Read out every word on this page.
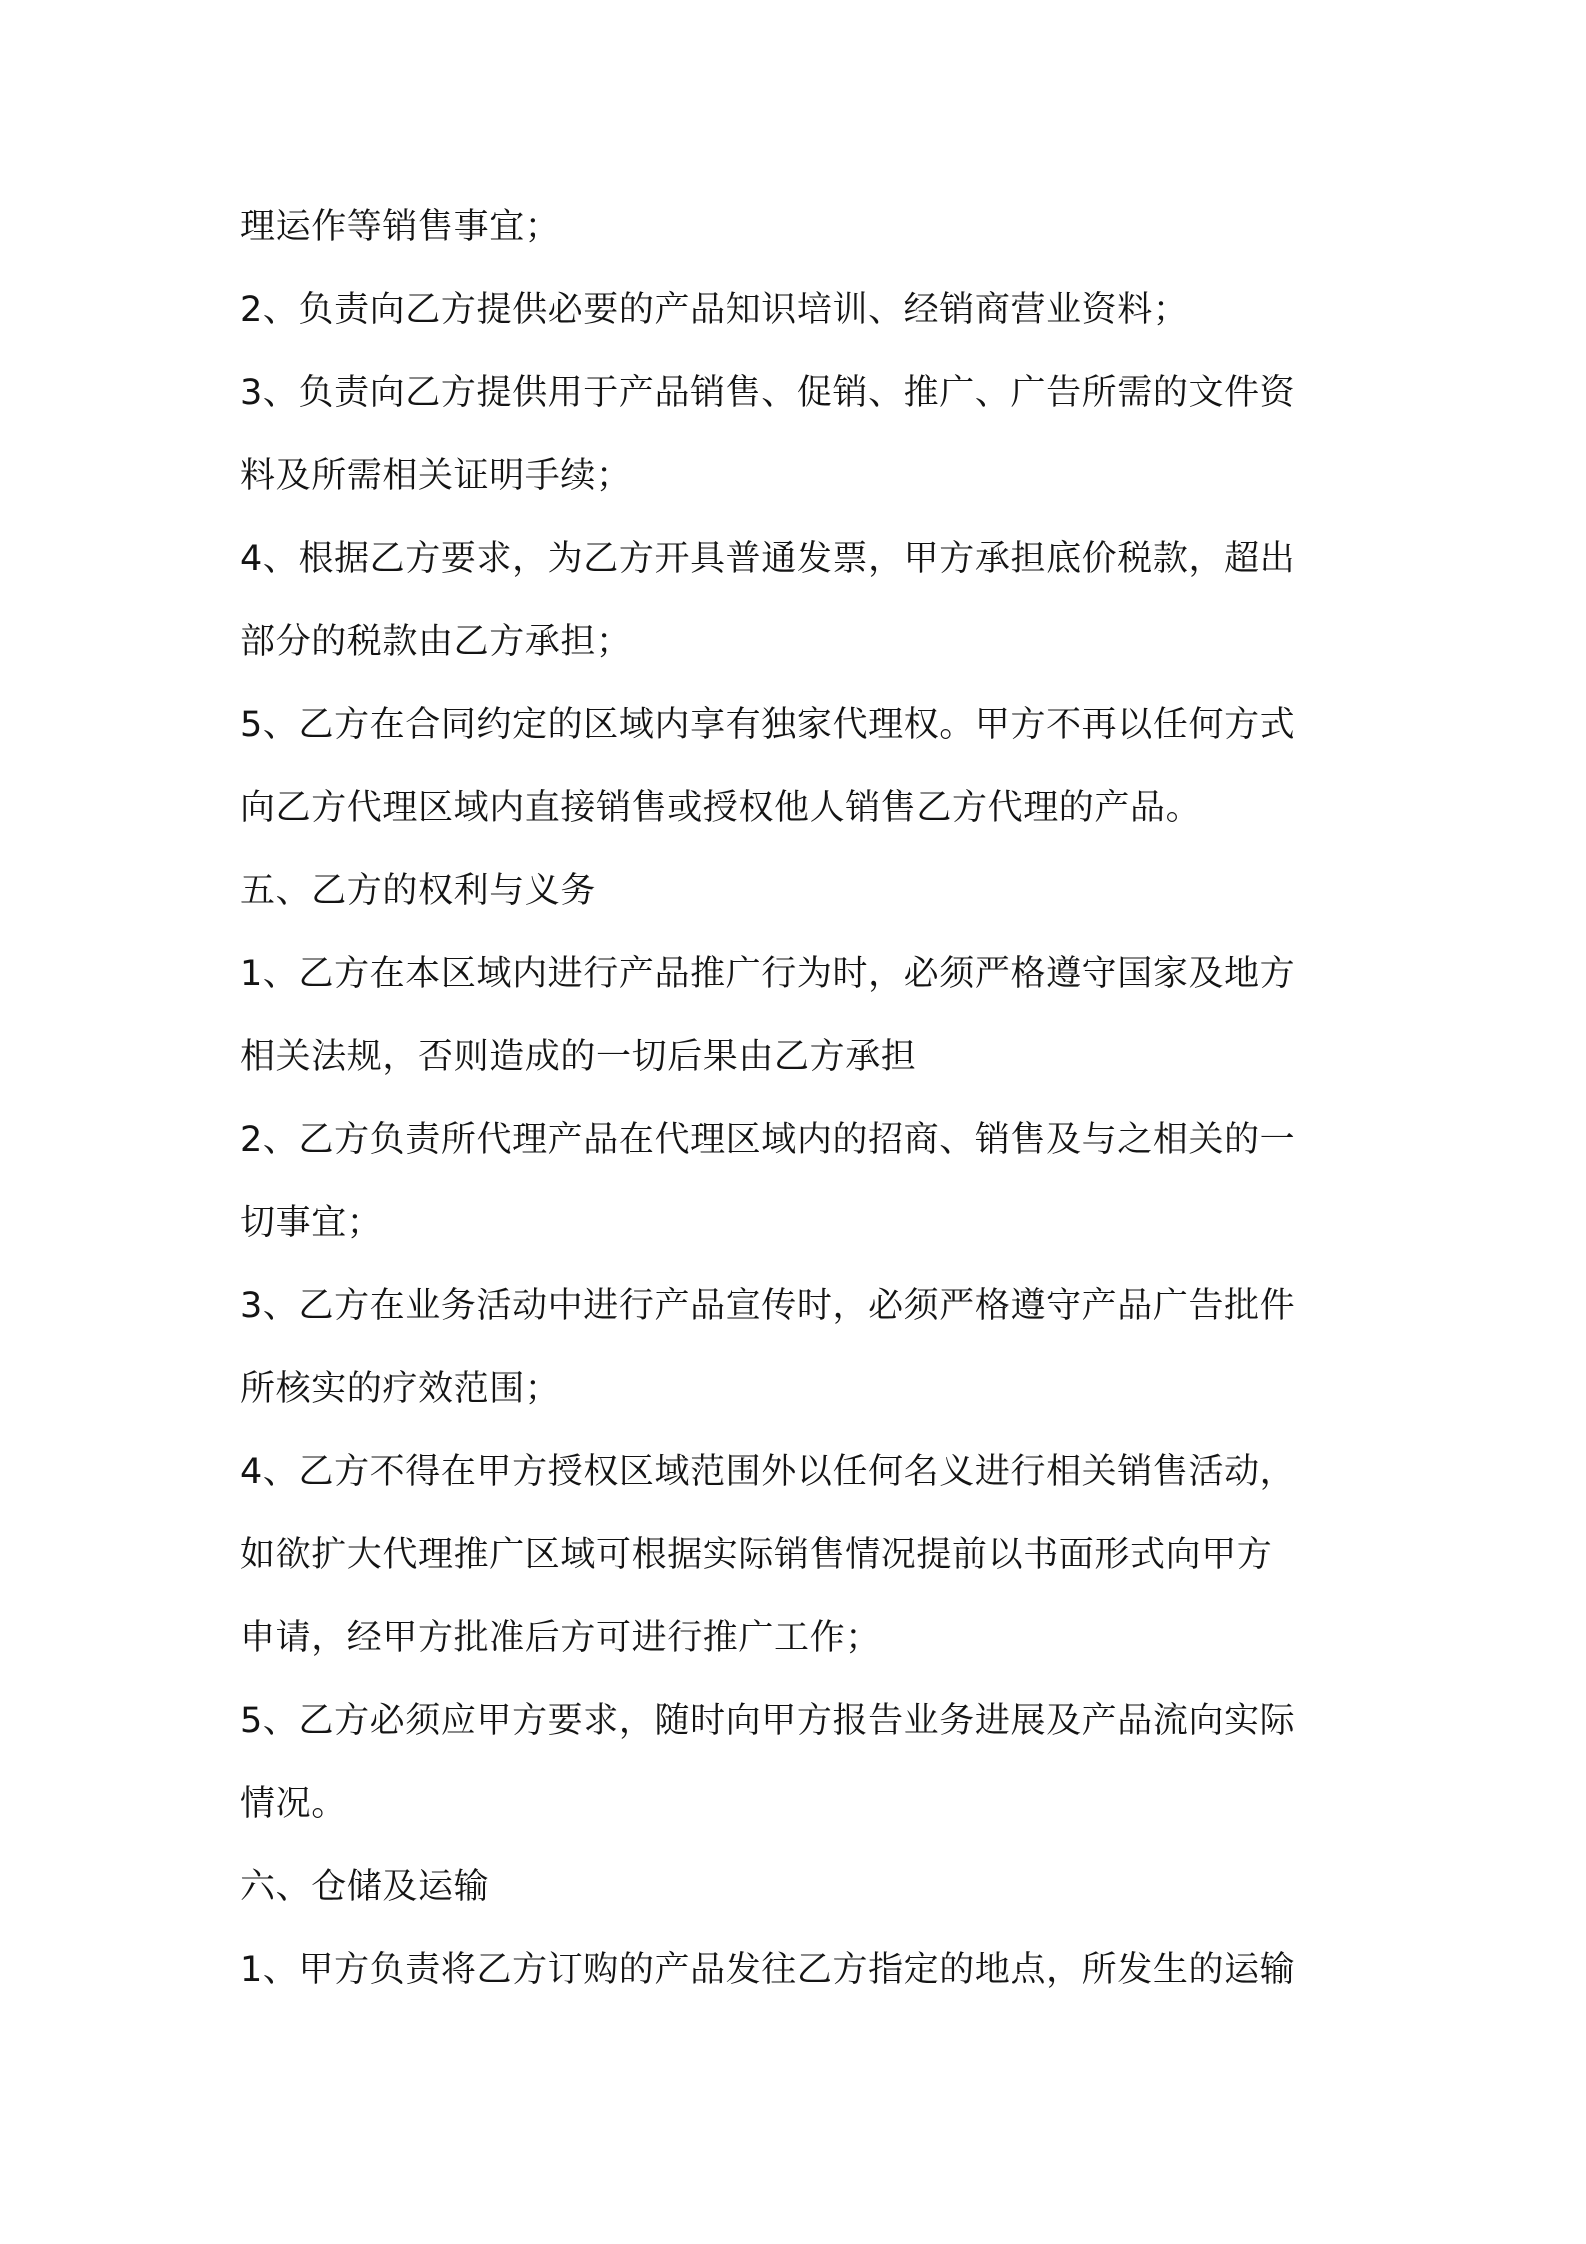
理运作等销售事宜；
2、负责向乙方提供必要的产品知识培训、经销商营业资料；
3、负责向乙方提供用于产品销售、促销、推广、广告所需的文件资
料及所需相关证明手续；
4、根据乙方要求，为乙方开具普通发票，甲方承担底价税款，超出
部分的税款由乙方承担；
5、乙方在合同约定的区域内享有独家代理权。甲方不再以任何方式
向乙方代理区域内直接销售或授权他人销售乙方代理的产品。
五、乙方的权利与义务
1、乙方在本区域内进行产品推广行为时，必须严格遵守国家及地方
相关法规，否则造成的一切后果由乙方承担
2、乙方负责所代理产品在代理区域内的招商、销售及与之相关的一
切事宜；
3、乙方在业务活动中进行产品宣传时，必须严格遵守产品广告批件
所核实的疗效范围；
4、乙方不得在甲方授权区域范围外以任何名义进行相关销售活动，
如欲扩大代理推广区域可根据实际销售情况提前以书面形式向甲方
申请，经甲方批准后方可进行推广工作；
5、乙方必须应甲方要求，随时向甲方报告业务进展及产品流向实际
情况。
六、仓储及运输
1、甲方负责将乙方订购的产品发往乙方指定的地点，所发生的运输
